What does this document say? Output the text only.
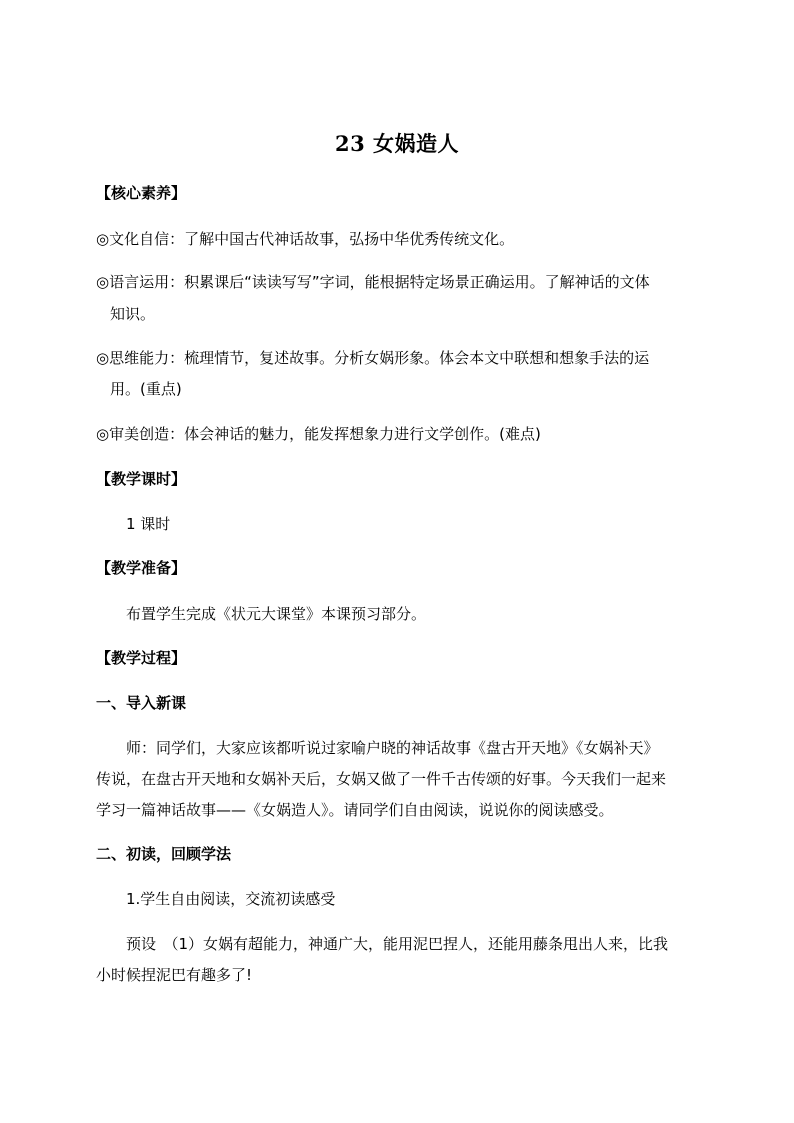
23 女娲造人
【核心素养】
◎文化自信：了解中国古代神话故事，弘扬中华优秀传统文化。
◎语言运用：积累课后“读读写写”字词，能根据特定场景正确运用。了解神话的文体
知识。
◎思维能力：梳理情节，复述故事。分析女娲形象。体会本文中联想和想象手法的运
用。(重点)
◎审美创造：体会神话的魅力，能发挥想象力进行文学创作。(难点)
【教学课时】
1 课时
【教学准备】
布置学生完成《状元大课堂》本课预习部分。
【教学过程】
一、导入新课
师：同学们，大家应该都听说过家喻户晓的神话故事《盘古开天地》《女娲补天》
传说，在盘古开天地和女娲补天后，女娲又做了一件千古传颂的好事。今天我们一起来
学习一篇神话故事——《女娲造人》。请同学们自由阅读，说说你的阅读感受。
二、初读，回顾学法
1.学生自由阅读，交流初读感受
预设　（1）女娲有超能力，神通广大，能用泥巴捏人，还能用藤条甩出人来，比我
小时候捏泥巴有趣多了!
